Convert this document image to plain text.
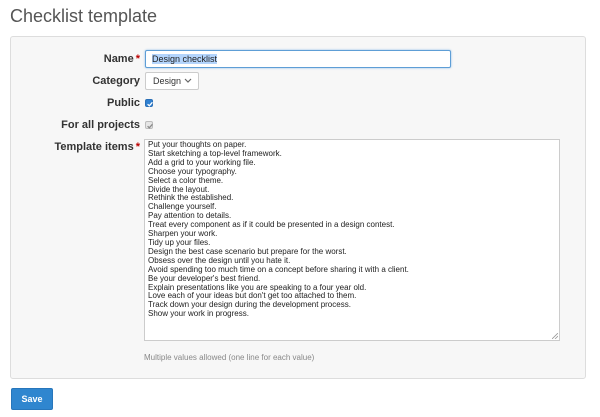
Checklist template
Name *	Design checklist
Category	Design
Public
For all projects
Template items * Put your thoughts on paper.
Start sketching a top-level framework.
Add a grid to your working file.
Choose your typography.
Select a color theme.
Divide the layout.
Rethink the established.
Challenge yourself.
Pay attention to details.
Treat every component as if it could be presented in a design contest.
Sharpen your work.
Tidy up your files.
Design the best case scenario but prepare for the worst.
Obsess over the design until you hate it.
Avoid spending too much time on a concept before sharing it with a client.
Be your developer's best friend.
Explain presentations like you are speaking to a four year old.
Love each of your ideas but don't get too attached to them.
Track down your design during the development process.
Show your work in progress.
Multiple values allowed (one line for each value)
Save
